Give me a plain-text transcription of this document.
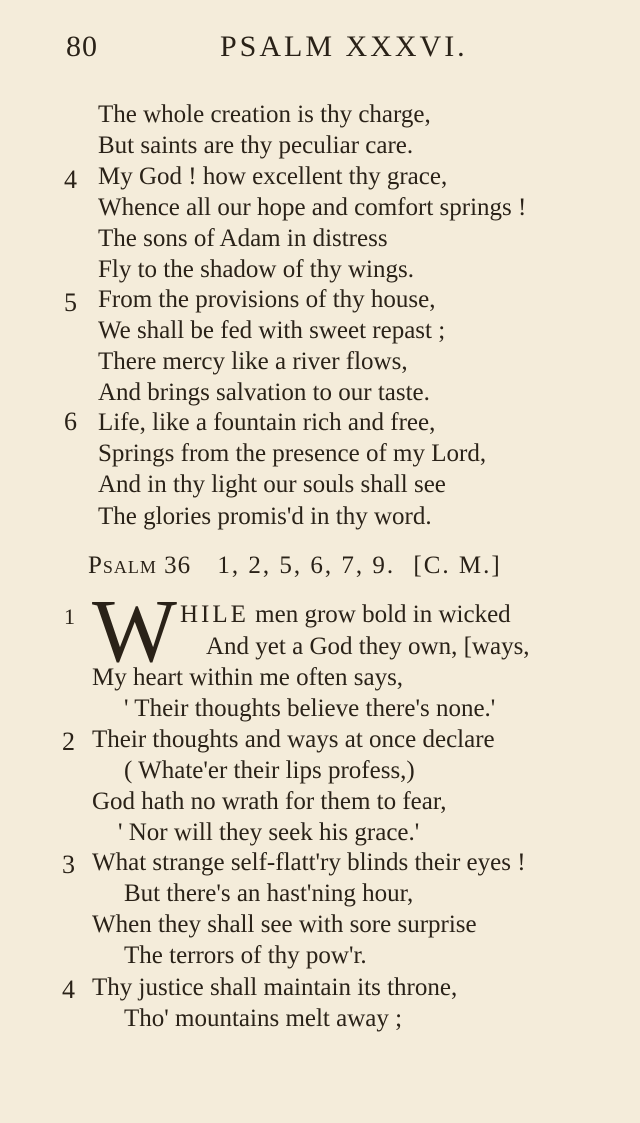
80	PSALM XXXVI.
4
5
6
The whole creation is thy charge,
But saints are thy peculiar care.
My God ! how excellent thy grace,
Whence all our hope and comfort springs !
The sons of Adam in distress
Fly to the shadow of thy wings.
From the provisions of thy house,
We shall be fed with sweet repast ;
There mercy like a river flows,
And brings salvation to our taste.
Life, like a fountain rich and free,
Springs from the presence of my Lord,
And in thy light our souls shall see
The glories promis'd in thy word.
Psalm 36 1, 2, 5, 6, 7, 9. [C. M.]
1 W HILE men grow bold in wicked
And yet a God they own, [ways,
My heart within me often says,
' Their thoughts believe there's none.'
2
3
4
Their thoughts and ways at once declare
( Whate'er their lips profess,)
God hath no wrath for them to fear,
' Nor will they seek his grace.'
What strange self-flatt'ry blinds their eyes !
But there's an hast'ning hour,
When they shall see with sore surprise
The terrors of thy pow'r.
Thy justice shall maintain its throne,
Tho' mountains melt away ;
